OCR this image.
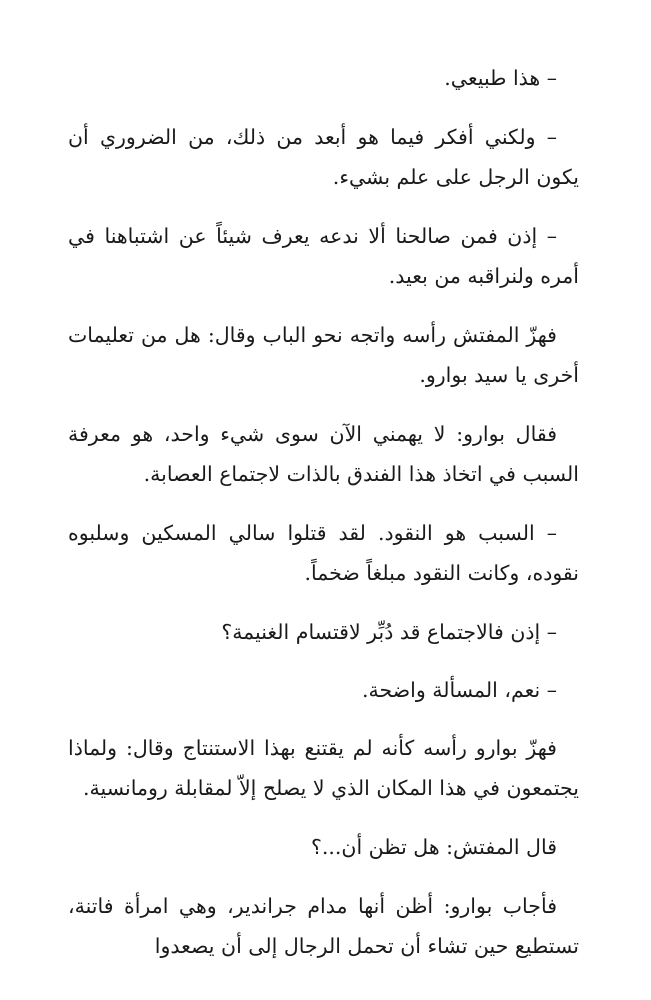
– هذا طبيعي.

– ولكني أفكر فيما هو أبعد من ذلك، من الضروري أن يكون الرجل على علم بشيء.

– إذن فمن صالحنا ألا ندعه يعرف شيئاً عن اشتباهنا في أمره ولنراقبه من بعيد.

فهزّ المفتش رأسه واتجه نحو الباب وقال: هل من تعليمات أخرى يا سيد بوارو.

فقال بوارو: لا يهمني الآن سوى شيء واحد، هو معرفة السبب في اتخاذ هذا الفندق بالذات لاجتماع العصابة.

– السبب هو النقود. لقد قتلوا سالي المسكين وسلبوه نقوده، وكانت النقود مبلغاً ضخماً.

– إذن فالاجتماع قد دُبِّر لاقتسام الغنيمة؟

– نعم، المسألة واضحة.

فهزّ بوارو رأسه كأنه لم يقتنع بهذا الاستنتاج وقال: ولماذا يجتمعون في هذا المكان الذي لا يصلح إلاّ لمقابلة رومانسية.

قال المفتش: هل تظن أن...؟

فأجاب بوارو: أظن أنها مدام جراندير، وهي امرأة فاتنة، تستطيع حين تشاء أن تحمل الرجال إلى أن يصعدوا
